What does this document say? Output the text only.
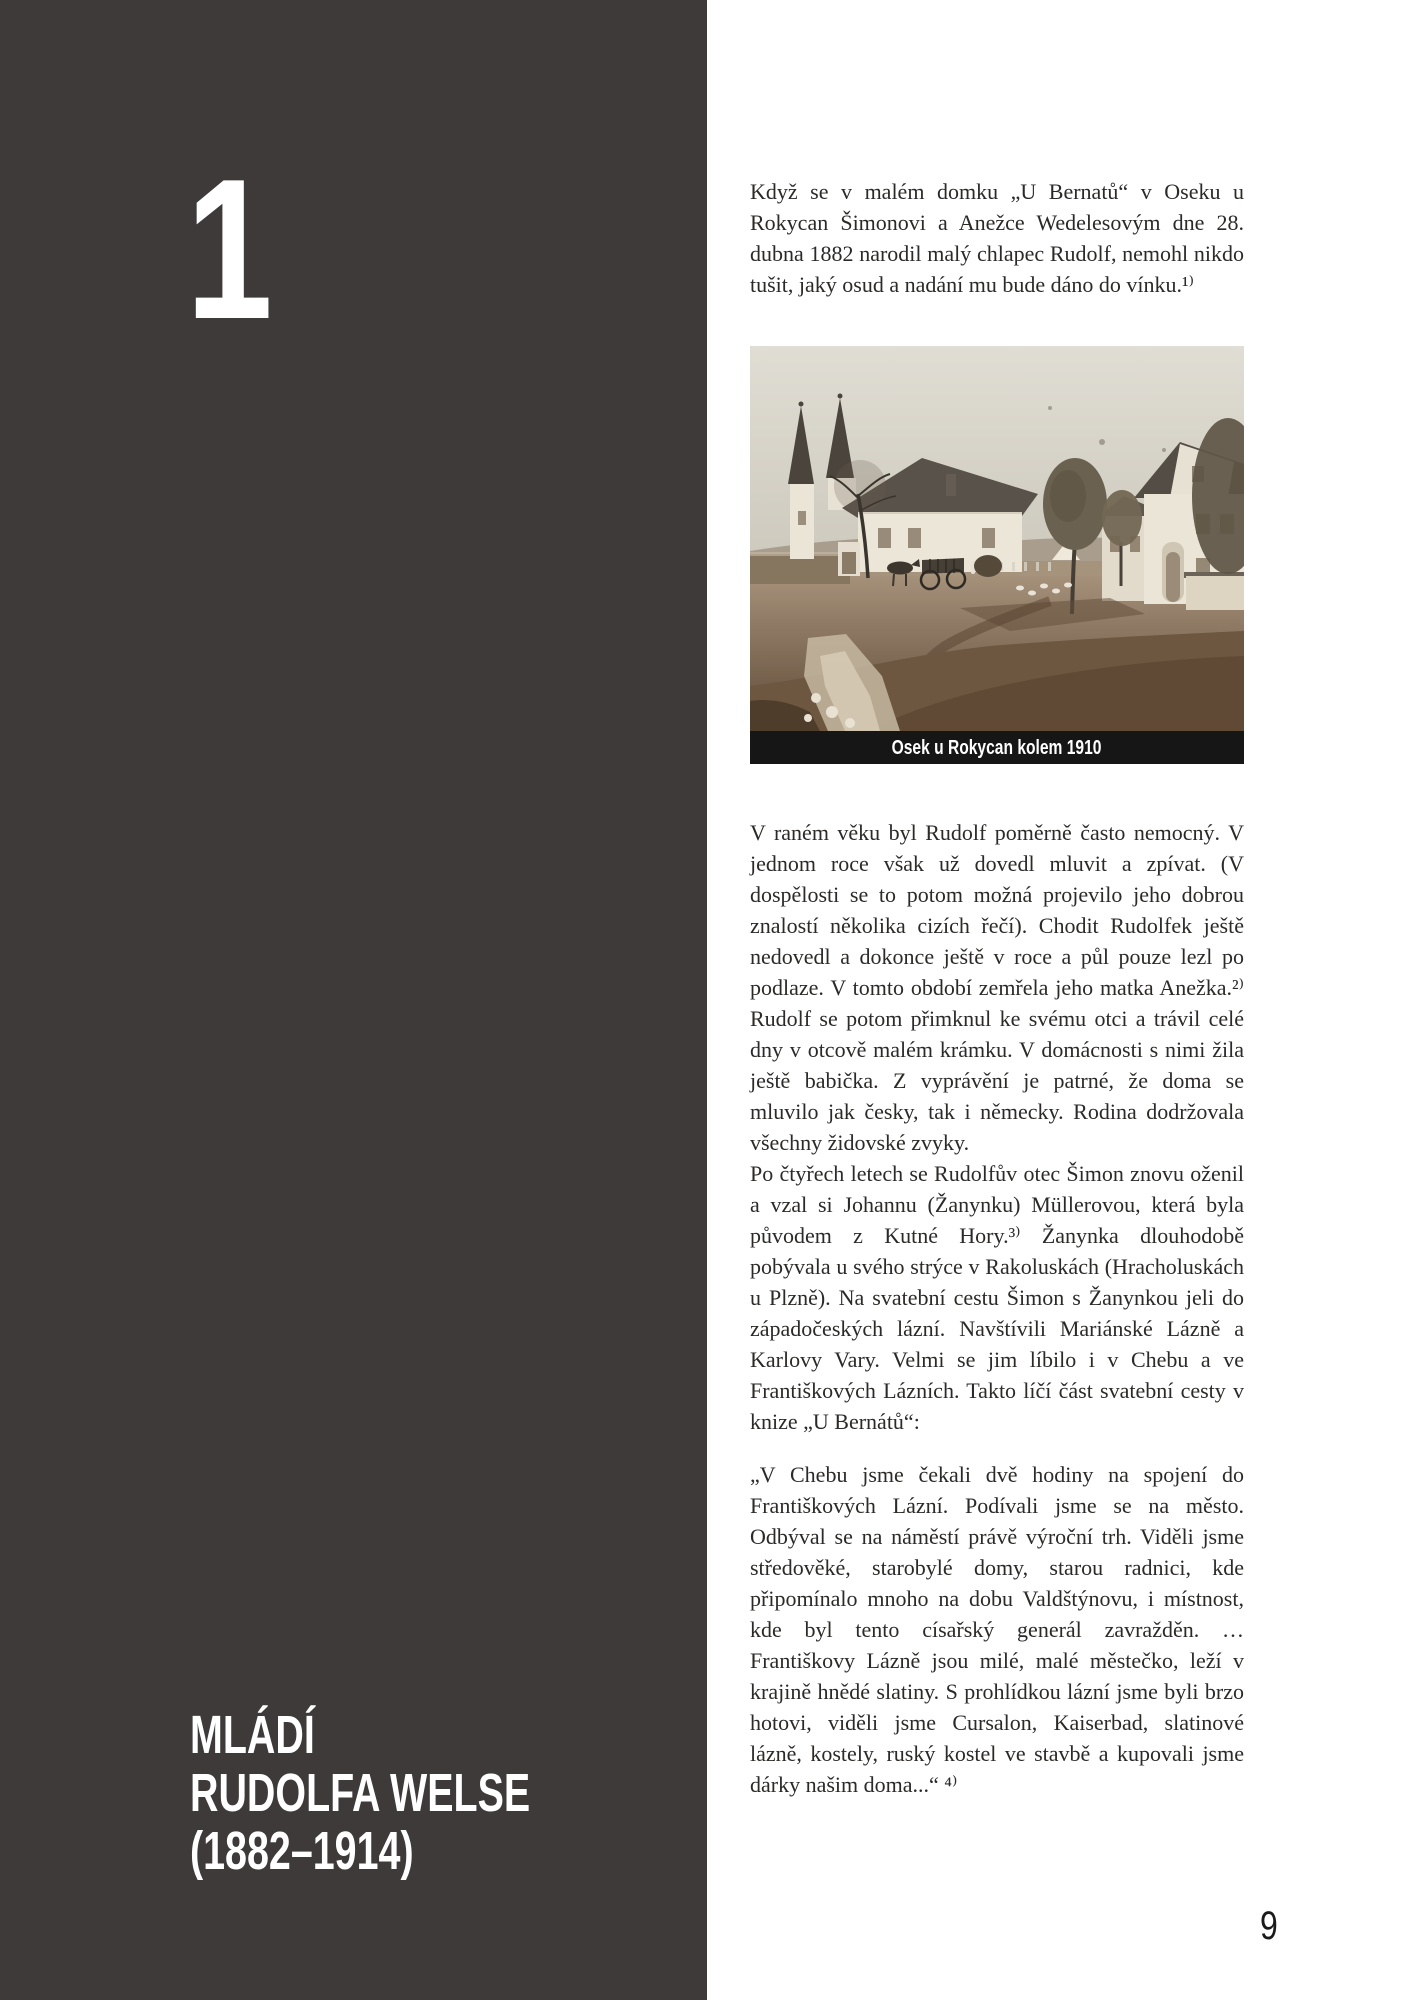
1
MLÁDÍ
RUDOLFA WELSE
(1882–1914)

Když se v malém domku „U Bernatů“ v Oseku u Rokycan Šimonovi a Anežce Wedelesovým dne 28. dubna 1882 narodil malý chlapec Rudolf, nemohl nikdo tušit, jaký osud a nadání mu bude dáno do vínku.¹⁾

Osek u Rokycan kolem 1910

V raném věku byl Rudolf poměrně často nemocný. V jednom roce však už dovedl mluvit a zpívat. (V dospělosti se to potom možná projevilo jeho dobrou znalostí několika cizích řečí). Chodit Rudolfek ještě nedovedl a dokonce ještě v roce a půl pouze lezl po podlaze. V tomto období zemřela jeho matka Anežka.²⁾ Rudolf se potom přimknul ke svému otci a trávil celé dny v otcově malém krámku. V domácnosti s nimi žila ještě babička. Z vyprávění je patrné, že doma se mluvilo jak česky, tak i německy. Rodina dodržovala všechny židovské zvyky.

Po čtyřech letech se Rudolfův otec Šimon znovu oženil a vzal si Johannu (Žanynku) Müllerovou, která byla původem z Kutné Hory.³⁾ Žanynka dlouhodobě pobývala u svého strýce v Rakoluskách (Hracholuskách u Plzně). Na svatební cestu Šimon s Žanynkou jeli do západočeských lázní. Navštívili Mariánské Lázně a Karlovy Vary. Velmi se jim líbilo i v Chebu a ve Františkových Lázních. Takto líčí část svatební cesty v knize „U Bernátů“:

„V Chebu jsme čekali dvě hodiny na spojení do Františkových Lázní. Podívali jsme se na město. Odbýval se na náměstí právě výroční trh. Viděli jsme středověké, starobylé domy, starou radnici, kde připomínalo mnoho na dobu Valdštýnovu, i místnost, kde byl tento císařský generál zavražděn. … Františkovy Lázně jsou milé, malé městečko, leží v krajině hnědé slatiny. S prohlídkou lázní jsme byli brzo hotovi, viděli jsme Cursalon, Kaiserbad, slatinové lázně, kostely, ruský kostel ve stavbě a kupovali jsme dárky našim doma...“ ⁴⁾

9
